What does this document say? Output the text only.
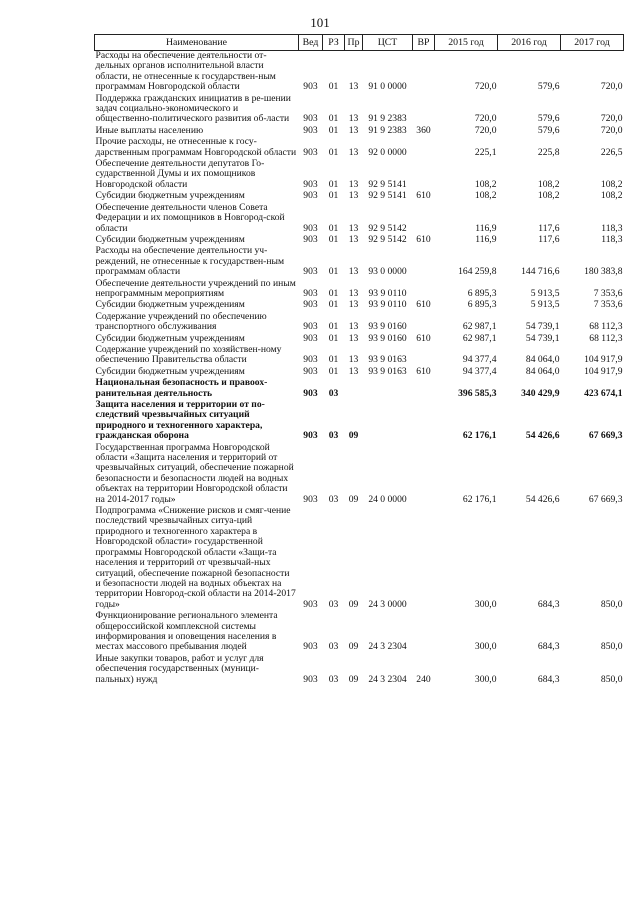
101
Наименование	Вед	РЗ	Пр	ЦСТ	ВР	2015 год	2016 год	2017 год
Расходы на обеспечение деятельности от-дельных органов исполнительной власти области, не отнесенные к государствен-ным программам Новгородской области	903	01	13	91 0 0000		720,0	579,6	720,0
Поддержка гражданских инициатив в ре-шении задач социально-экономического и общественно-политического развития об-ласти	903	01	13	91 9 2383		720,0	579,6	720,0
Иные выплаты населению	903	01	13	91 9 2383	360	720,0	579,6	720,0
Прочие расходы, не отнесенные к госу-дарственным программам Новгородской области	903	01	13	92 0 0000		225,1	225,8	226,5
Обеспечение деятельности депутатов Го-сударственной Думы и их помощников Новгородской области	903	01	13	92 9 5141		108,2	108,2	108,2
Субсидии бюджетным учреждениям	903	01	13	92 9 5141	610	108,2	108,2	108,2
Обеспечение деятельности членов Совета Федерации и их помощников в Новгород-ской области	903	01	13	92 9 5142		116,9	117,6	118,3
Субсидии бюджетным учреждениям	903	01	13	92 9 5142	610	116,9	117,6	118,3
Расходы на обеспечение деятельности уч-реждений, не отнесенные к государствен-ным программам области	903	01	13	93 0 0000		164 259,8	144 716,6	180 383,8
Обеспечение деятельности учреждений по иным непрограммным мероприятиям	903	01	13	93 9 0110		6 895,3	5 913,5	7 353,6
Субсидии бюджетным учреждениям	903	01	13	93 9 0110	610	6 895,3	5 913,5	7 353,6
Содержание учреждений по обеспечению транспортного обслуживания	903	01	13	93 9 0160		62 987,1	54 739,1	68 112,3
Субсидии бюджетным учреждениям	903	01	13	93 9 0160	610	62 987,1	54 739,1	68 112,3
Содержание учреждений по хозяйствен-ному обеспечению Правительства области	903	01	13	93 9 0163		94 377,4	84 064,0	104 917,9
Субсидии бюджетным учреждениям	903	01	13	93 9 0163	610	94 377,4	84 064,0	104 917,9
Национальная безопасность и правоох-ранительная деятельность	903	03				396 585,3	340 429,9	423 674,1
Защита населения и территории от по-следствий чрезвычайных ситуаций природного и техногенного характера, гражданская оборона	903	03	09			62 176,1	54 426,6	67 669,3
Государственная программа Новгородской области «Защита населения и территорий от чрезвычайных ситуаций, обеспечение пожарной безопасности и безопасности людей на водных объектах на территории Новгородской области на 2014-2017 годы»	903	03	09	24 0 0000		62 176,1	54 426,6	67 669,3
Подпрограмма «Снижение рисков и смяг-чение последствий чрезвычайных ситуа-ций природного и техногенного характера в Новгородской области» государственной программы Новгородской области «Защи-та населения и территорий от чрезвычай-ных ситуаций, обеспечение пожарной безопасности и безопасности людей на водных объектах на территории Новгород-ской области на 2014-2017 годы»	903	03	09	24 3 0000		300,0	684,3	850,0
Функционирование регионального элемента общероссийской комплексной системы информирования и оповещения населения в местах массового пребывания людей	903	03	09	24 3 2304		300,0	684,3	850,0
Иные закупки товаров, работ и услуг для обеспечения государственных (муници-пальных) нужд	903	03	09	24 3 2304	240	300,0	684,3	850,0
